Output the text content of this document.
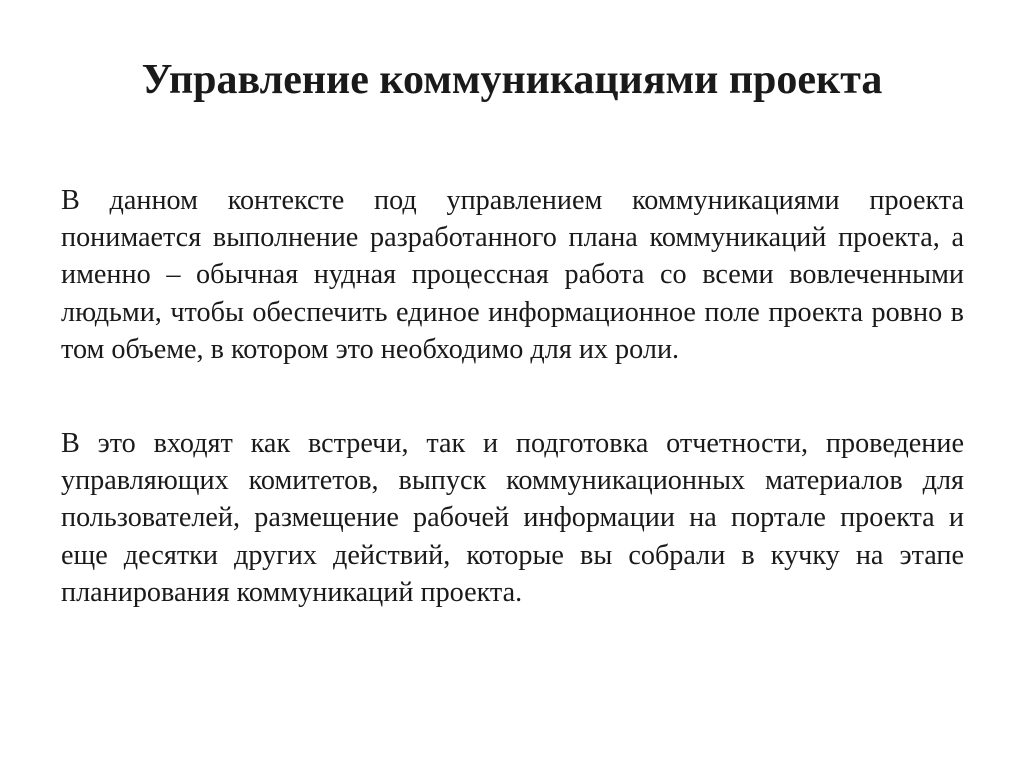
Управление коммуникациями проекта

В данном контексте под управлением коммуникациями проекта понимается выполнение разработанного плана коммуникаций проекта, а именно – обычная нудная процессная работа со всеми вовлеченными людьми, чтобы обеспечить единое информационное поле проекта ровно в том объеме, в котором это необходимо для их роли.

В это входят как встречи, так и подготовка отчетности, проведение управляющих комитетов, выпуск коммуникационных материалов для пользователей, размещение рабочей информации на портале проекта и еще десятки других действий, которые вы собрали в кучку на этапе планирования коммуникаций проекта.
